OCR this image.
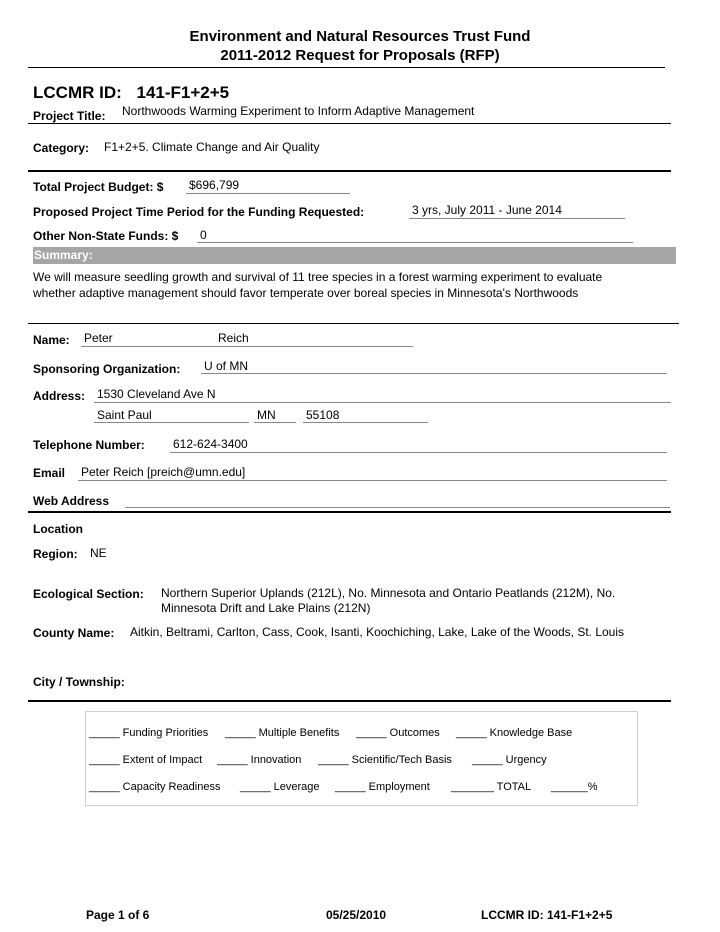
Environment and Natural Resources Trust Fund
2011-2012 Request for Proposals (RFP)
LCCMR ID: 141-F1+2+5
Project Title: Northwoods Warming Experiment to Inform Adaptive Management
Category: F1+2+5. Climate Change and Air Quality
Total Project Budget: $ $696,799
Proposed Project Time Period for the Funding Requested:	3 yrs, July 2011 - June 2014
Other Non-State Funds: $ 0
Summary:
We will measure seedling growth and survival of 11 tree species in a forest warming experiment to evaluate
whether adaptive management should favor temperate over boreal species in Minnesota's Northwoods
Name: Peter	Reich
Sponsoring Organization: U of MN
Address: 1530 Cleveland Ave N
Saint Paul	MN	55108
Telephone Number: 612-624-3400
Email Peter Reich [preich@umn.edu]
Web Address
Location
Region: NE
Ecological Section: Northern Superior Uplands (212L), No. Minnesota and Ontario Peatlands (212M), No.
Minnesota Drift and Lake Plains (212N)
County Name: Aitkin, Beltrami, Carlton, Cass, Cook, Isanti, Koochiching, Lake, Lake of the Woods, St. Louis
City / Township:
_____ Funding Priorities _____ Multiple Benefits _____ Outcomes _____ Knowledge Base
_____ Extent of Impact _____ Innovation _____ Scientific/Tech Basis _____ Urgency
_____ Capacity Readiness _____ Leverage _____ Employment _______ TOTAL ______%
Page 1 of 6	05/25/2010	LCCMR ID: 141-F1+2+5
